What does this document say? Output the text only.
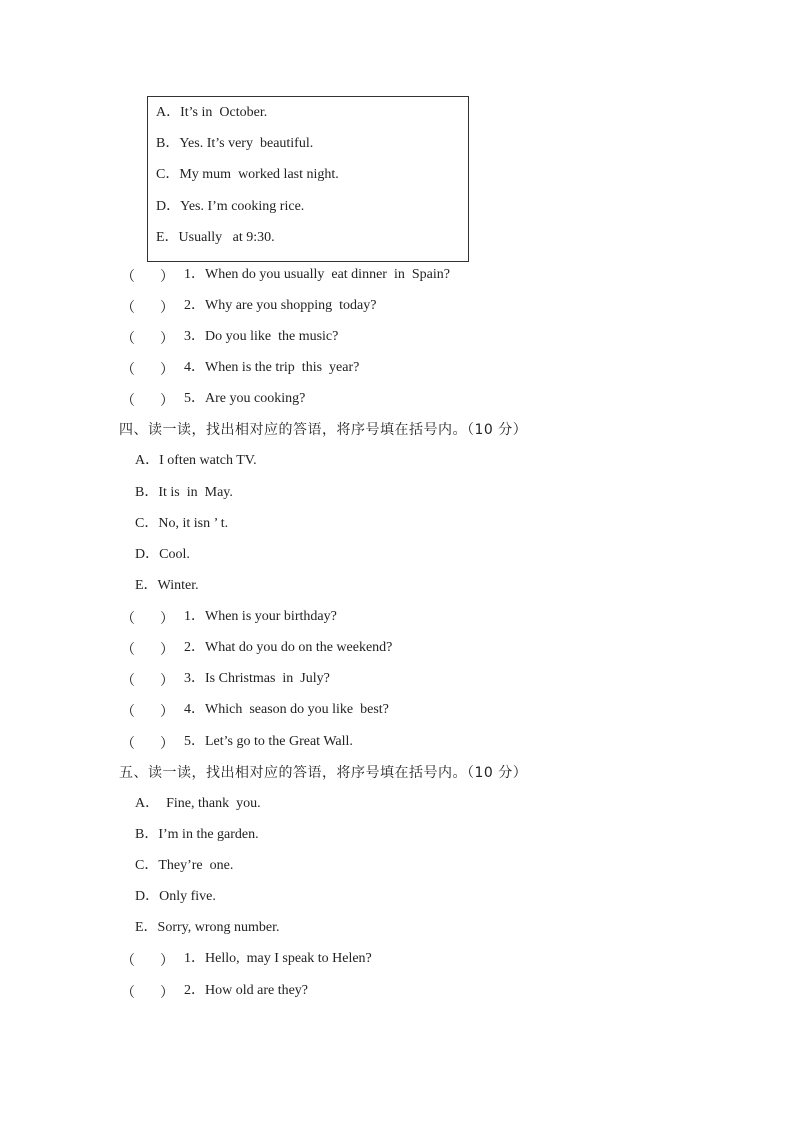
A．It’s in  October.
B．Yes. It’s very  beautiful.
C．My mum  worked last night.
D．Yes. I’m cooking rice.
E．Usually   at 9:30.
（ ） 1．When do you usually  eat dinner  in  Spain?
（ ） 2．Why are you shopping  today?
（ ） 3．Do you like  the music?
（ ） 4．When is the trip  this  year?
（ ） 5．Are you cooking?
四、读一读，找出相对应的答语，将序号填在括号内。（10 分）
A．I often watch TV.
B．It is  in  May.
C．No, it isn ’ t.
D．Cool.
E．Winter.
（ ） 1．When is your birthday?
（ ） 2．What do you do on the weekend?
（ ） 3．Is Christmas  in  July?
（ ） 4．Which  season do you like  best?
（ ） 5．Let’s go to the Great Wall.
五、读一读，找出相对应的答语，将序号填在括号内。（10 分）
A．  Fine, thank  you.
B．I’m in the garden.
C．They’re  one.
D．Only five.
E．Sorry, wrong number.
（ ） 1．Hello,  may I speak to Helen?
（ ） 2．How old are they?
